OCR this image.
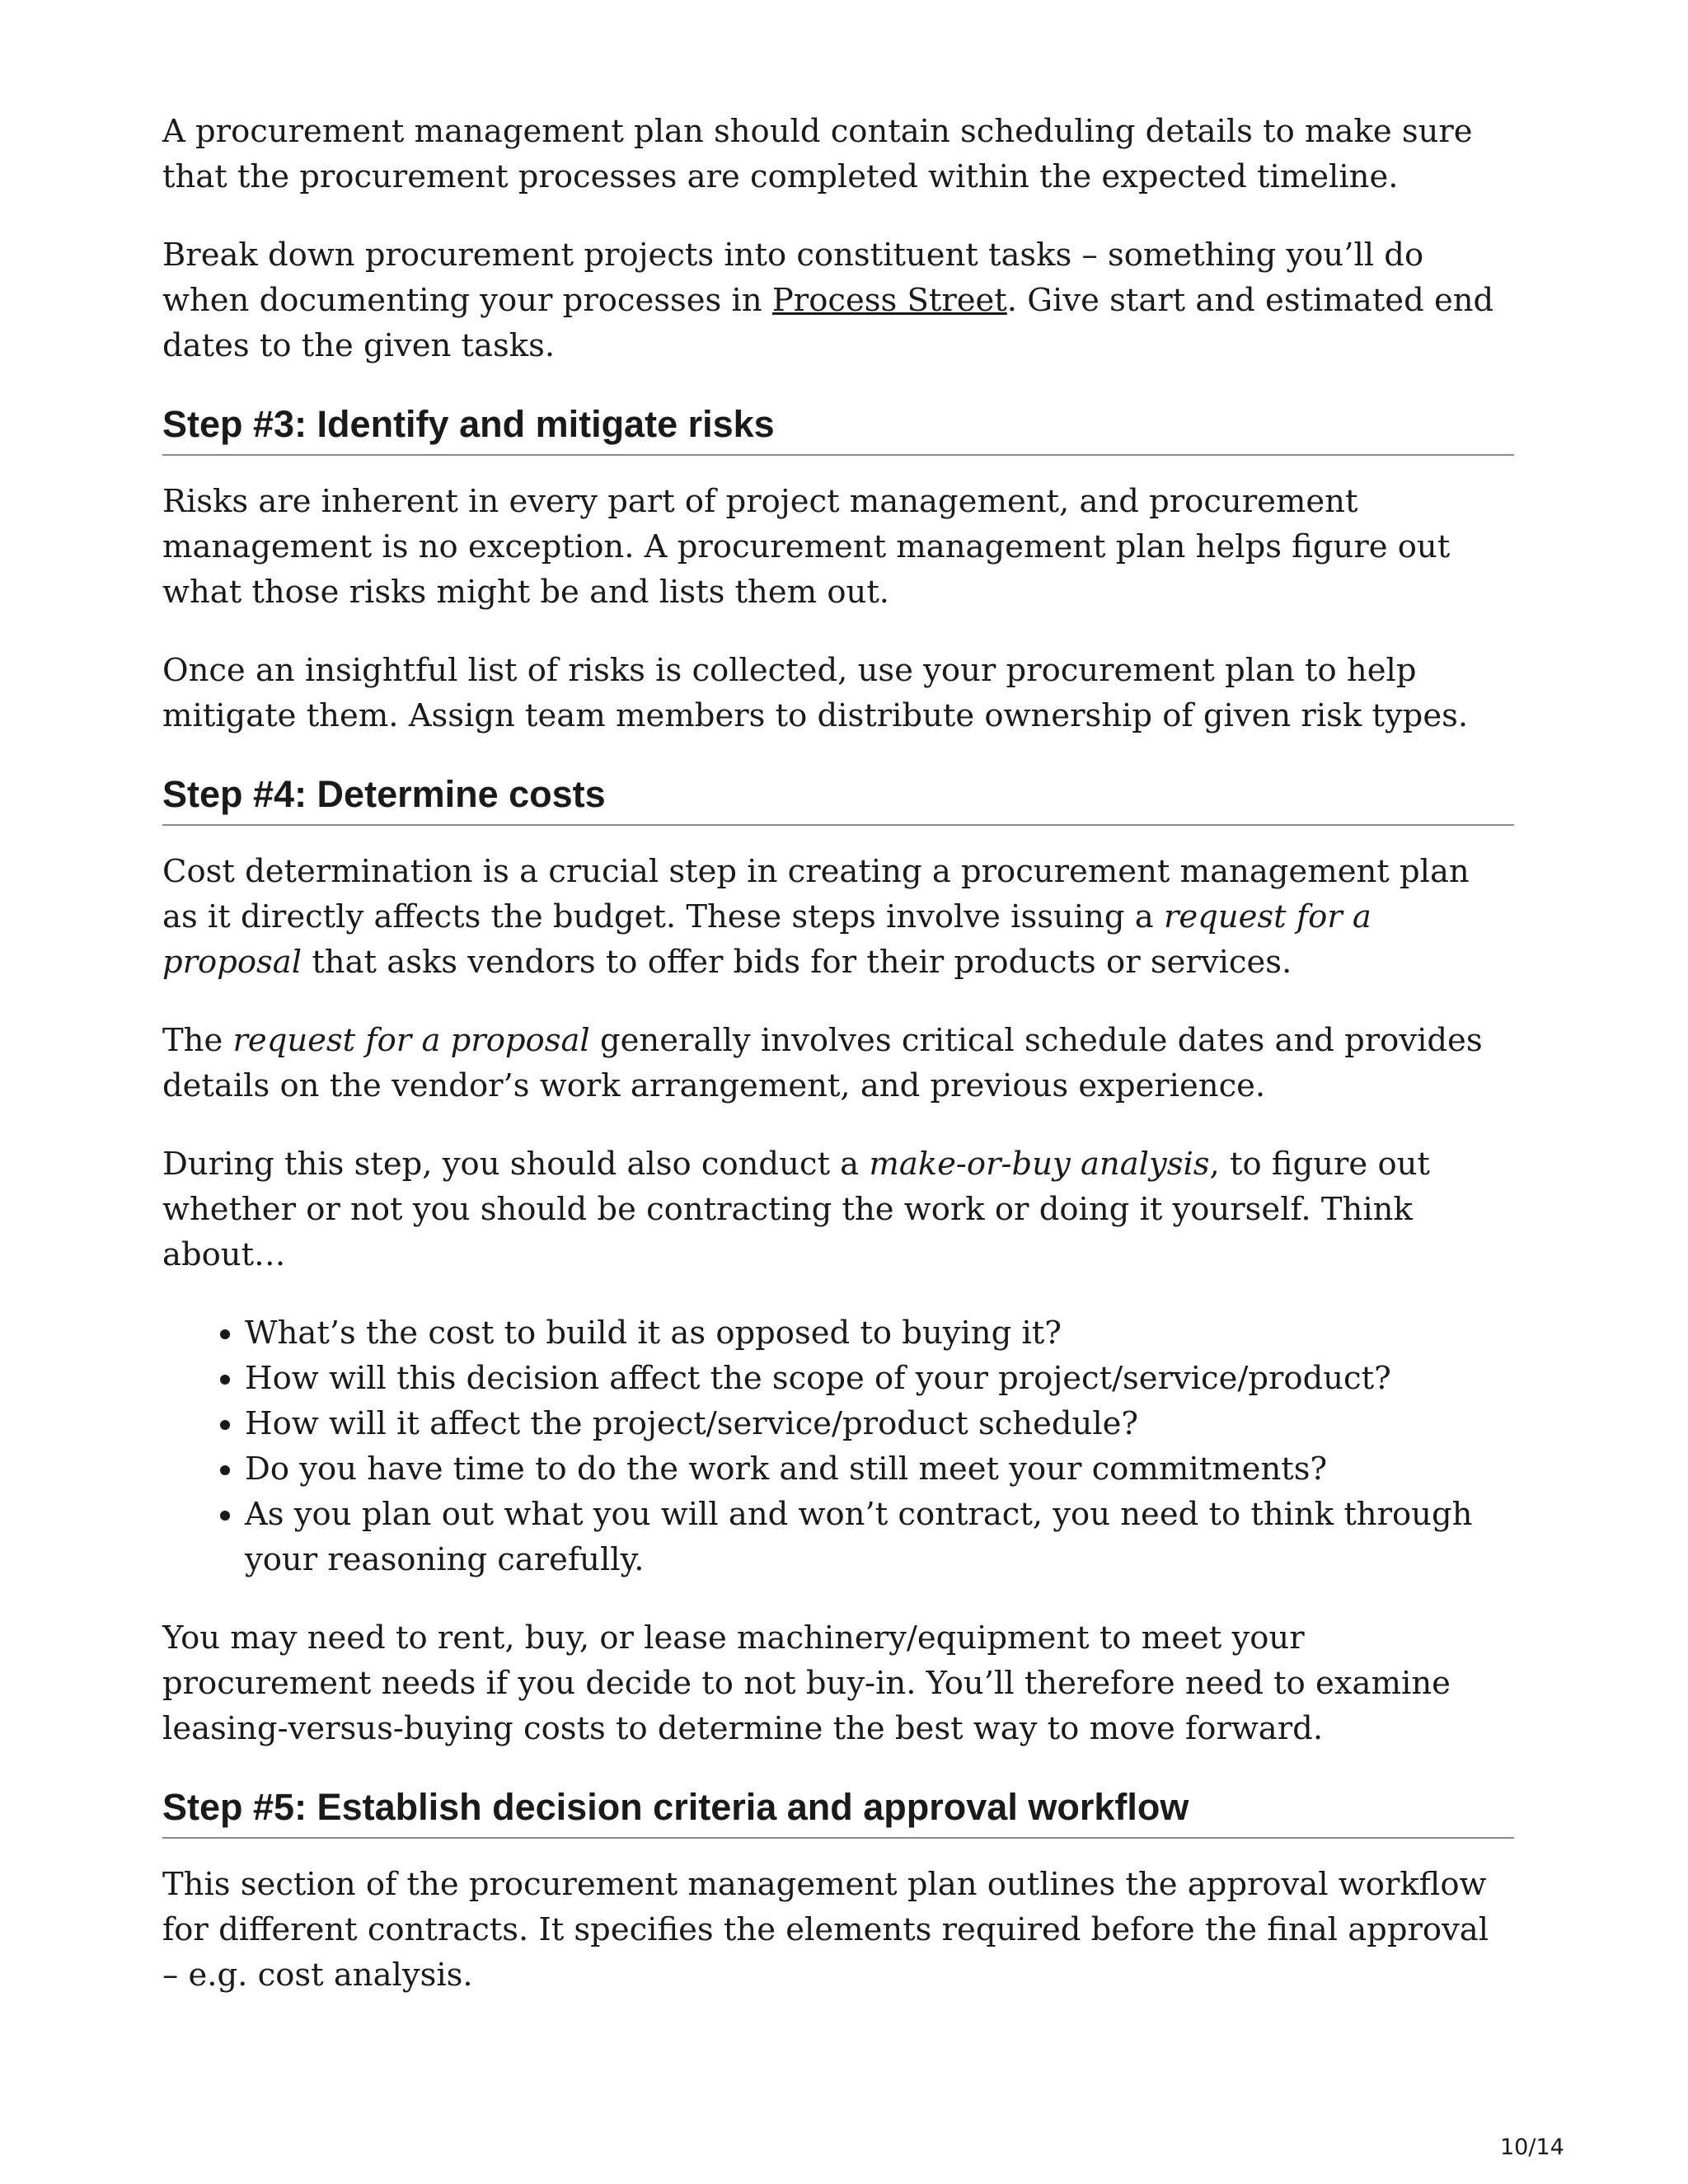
A procurement management plan should contain scheduling details to make sure that the procurement processes are completed within the expected timeline.

Break down procurement projects into constituent tasks – something you’ll do when documenting your processes in Process Street. Give start and estimated end dates to the given tasks.

Step #3: Identify and mitigate risks

Risks are inherent in every part of project management, and procurement management is no exception. A procurement management plan helps figure out what those risks might be and lists them out.

Once an insightful list of risks is collected, use your procurement plan to help mitigate them. Assign team members to distribute ownership of given risk types.

Step #4: Determine costs

Cost determination is a crucial step in creating a procurement management plan as it directly affects the budget. These steps involve issuing a request for a proposal that asks vendors to offer bids for their products or services.

The request for a proposal generally involves critical schedule dates and provides details on the vendor’s work arrangement, and previous experience.

During this step, you should also conduct a make-or-buy analysis, to figure out whether or not you should be contracting the work or doing it yourself. Think about…

• What’s the cost to build it as opposed to buying it?
• How will this decision affect the scope of your project/service/product?
• How will it affect the project/service/product schedule?
• Do you have time to do the work and still meet your commitments?
• As you plan out what you will and won’t contract, you need to think through your reasoning carefully.

You may need to rent, buy, or lease machinery/equipment to meet your procurement needs if you decide to not buy-in. You’ll therefore need to examine leasing-versus-buying costs to determine the best way to move forward.

Step #5: Establish decision criteria and approval workflow

This section of the procurement management plan outlines the approval workflow for different contracts. It specifies the elements required before the final approval – e.g. cost analysis.

10/14
